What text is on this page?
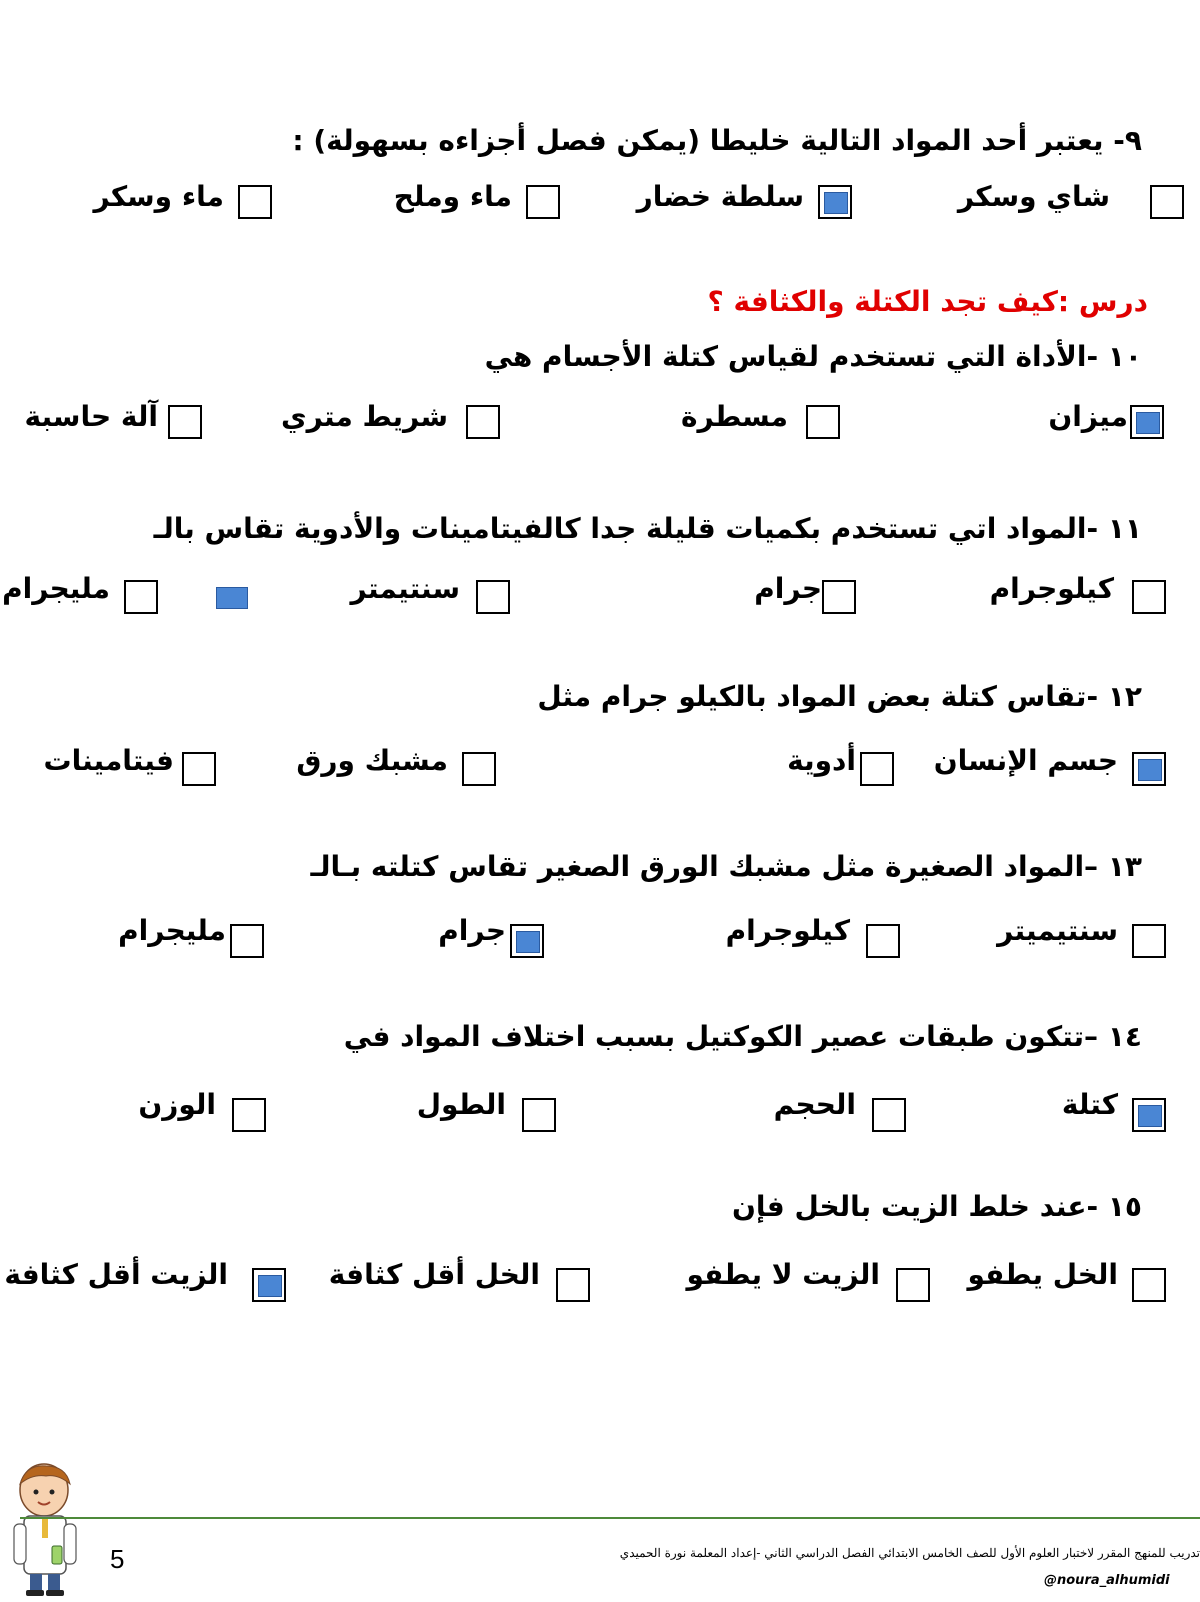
٩- يعتبر أحد المواد التالية خليطا (يمكن فصل أجزاءه بسهولة) :
شاي وسكر
سلطة خضار
ماء وملح
ماء وسكر
درس :كيف تجد الكتلة والكثافة ؟
١٠ -الأداة التي تستخدم لقياس كتلة الأجسام هي
ميزان
مسطرة
شريط متري
آلة حاسبة
١١ -المواد اتي تستخدم بكميات قليلة جدا كالفيتامينات والأدوية تقاس بالـ
كيلوجرام
جرام
سنتيمتر
مليجرام
١٢ -تقاس كتلة بعض المواد بالكيلو جرام مثل
جسم الإنسان
أدوية
مشبك ورق
فيتامينات
١٣ –المواد الصغيرة مثل مشبك الورق الصغير تقاس كتلته بـالـ
سنتيميتر
كيلوجرام
جرام
مليجرام
١٤ –تتكون طبقات عصير الكوكتيل بسبب اختلاف المواد في
كتلة
الحجم
الطول
الوزن
١٥ -عند خلط الزيت بالخل فإن
الخل يطفو
الزيت لا يطفو
الخل أقل كثافة
الزيت أقل كثافة
5	تدريب للمنهج المقرر لاختبار العلوم الأول للصف الخامس الابتدائي الفصل الدراسي الثاني -إعداد المعلمة نورة الحميدي
@noura_alhumidi
